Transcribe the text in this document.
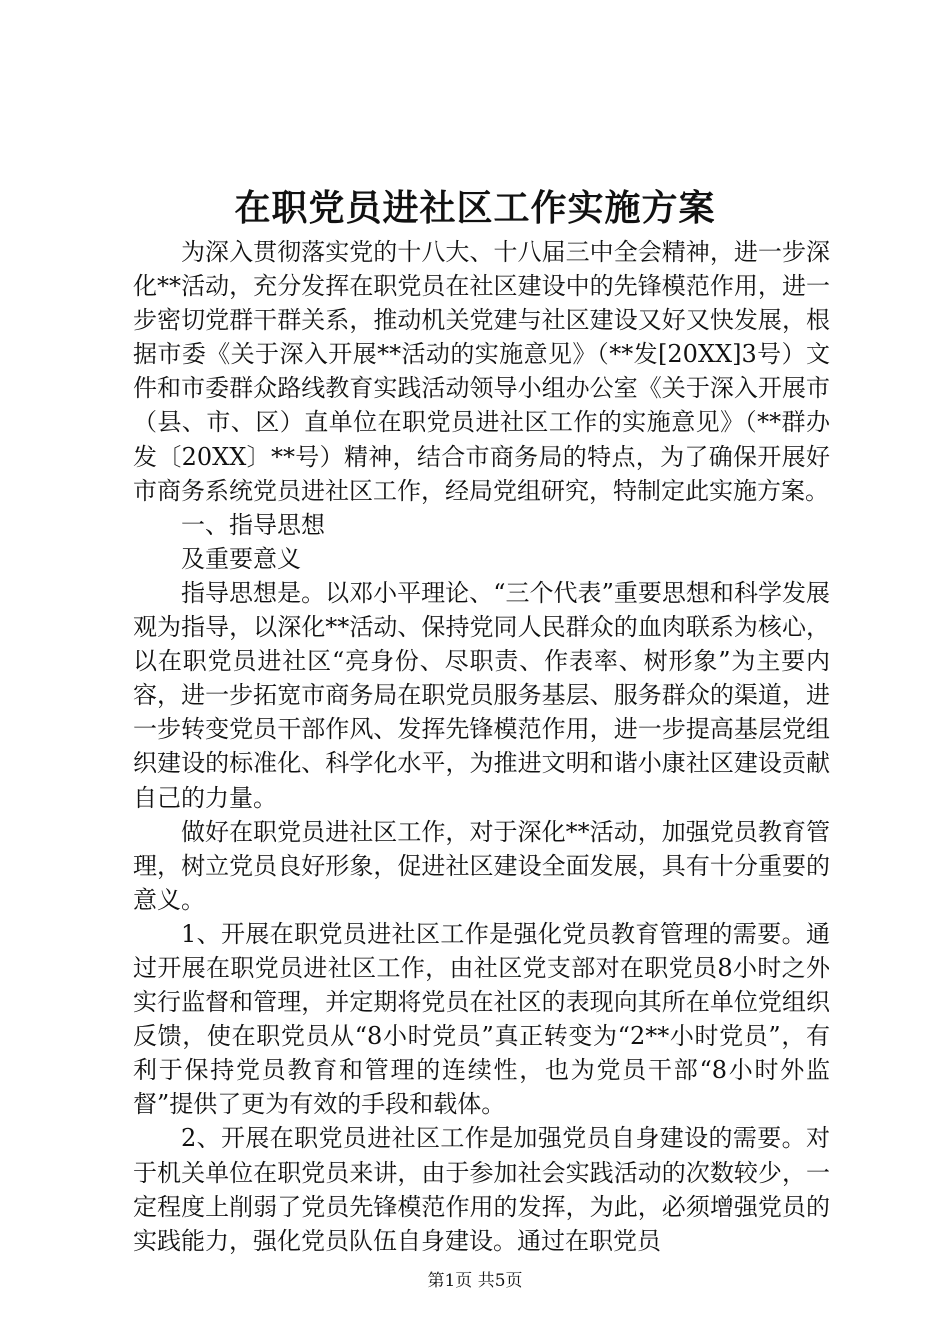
在职党员进社区工作实施方案

为深入贯彻落实党的十八大、十八届三中全会精神，进一步深化**活动，充分发挥在职党员在社区建设中的先锋模范作用，进一步密切党群干群关系，推动机关党建与社区建设又好又快发展，根据市委《关于深入开展**活动的实施意见》（**发[20XX]3号）文件和市委群众路线教育实践活动领导小组办公室《关于深入开展市（县、市、区）直单位在职党员进社区工作的实施意见》（**群办发〔20XX〕**号）精神，结合市商务局的特点，为了确保开展好市商务系统党员进社区工作，经局党组研究，特制定此实施方案。

一、指导思想

及重要意义

指导思想是。以邓小平理论、“三个代表”重要思想和科学发展观为指导，以深化**活动、保持党同人民群众的血肉联系为核心，以在职党员进社区“亮身份、尽职责、作表率、树形象”为主要内容，进一步拓宽市商务局在职党员服务基层、服务群众的渠道，进一步转变党员干部作风、发挥先锋模范作用，进一步提高基层党组织建设的标准化、科学化水平，为推进文明和谐小康社区建设贡献自己的力量。

做好在职党员进社区工作，对于深化**活动，加强党员教育管理，树立党员良好形象，促进社区建设全面发展，具有十分重要的意义。

1、开展在职党员进社区工作是强化党员教育管理的需要。通过开展在职党员进社区工作，由社区党支部对在职党员8小时之外实行监督和管理，并定期将党员在社区的表现向其所在单位党组织反馈，使在职党员从“8小时党员”真正转变为“2**小时党员”，有利于保持党员教育和管理的连续性，也为党员干部“8小时外监督”提供了更为有效的手段和载体。

2、开展在职党员进社区工作是加强党员自身建设的需要。对于机关单位在职党员来讲，由于参加社会实践活动的次数较少，一定程度上削弱了党员先锋模范作用的发挥，为此，必须增强党员的实践能力，强化党员队伍自身建设。通过在职党员

第1页 共5页
